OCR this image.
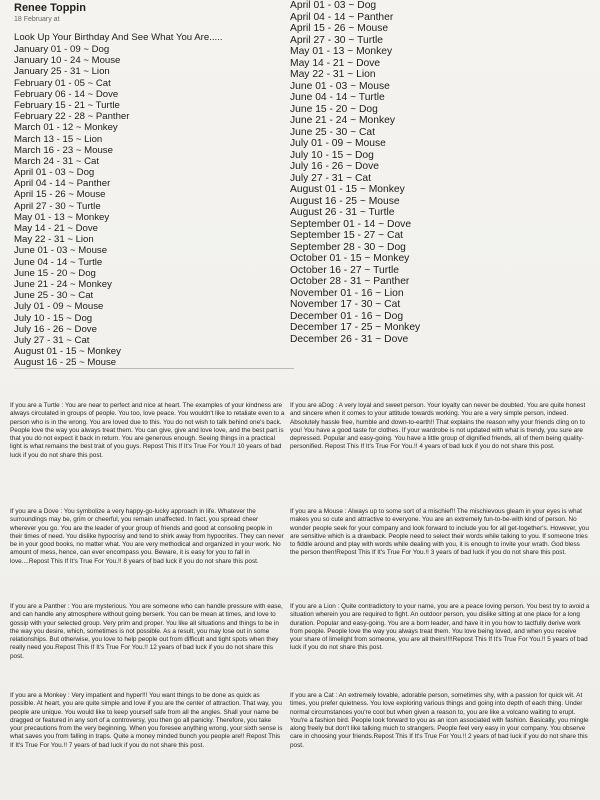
Renee Toppin
18 February at
Look Up Your Birthday And See What You Are.....
January 01 - 09 ~ Dog
January 10 - 24 ~ Mouse
January 25 - 31 ~ Lion
February 01 - 05 ~ Cat
February 06 - 14 ~ Dove
February 15 - 21 ~ Turtle
February 22 - 28 ~ Panther
March 01 - 12 ~ Monkey
March 13 - 15 ~ Lion
March 16 - 23 ~ Mouse
March 24 - 31 ~ Cat
April 01 - 03 ~ Dog
April 04 - 14 ~ Panther
April 15 - 26 ~ Mouse
April 27 - 30 ~ Turtle
May 01 - 13 ~ Monkey
May 14 - 21 ~ Dove
May 22 - 31 ~ Lion
June 01 - 03 ~ Mouse
June 04 - 14 ~ Turtle
June 15 - 20 ~ Dog
June 21 - 24 ~ Monkey
June 25 - 30 ~ Cat
July 01 - 09 ~ Mouse
July 10 - 15 ~ Dog
July 16 - 26 ~ Dove
July 27 - 31 ~ Cat
August 01 - 15 ~ Monkey
August 16 - 25 ~ Mouse
April 01 - 03 ~ Dog
April 04 - 14 ~ Panther
April 15 - 26 ~ Mouse
April 27 - 30 ~ Turtle
May 01 - 13 ~ Monkey
May 14 - 21 ~ Dove
May 22 - 31 ~ Lion
June 01 - 03 ~ Mouse
June 04 - 14 ~ Turtle
June 15 - 20 ~ Dog
June 21 - 24 ~ Monkey
June 25 - 30 ~ Cat
July 01 - 09 ~ Mouse
July 10 - 15 ~ Dog
July 16 - 26 ~ Dove
July 27 - 31 ~ Cat
August 01 - 15 ~ Monkey
August 16 - 25 ~ Mouse
August 26 - 31 ~ Turtle
September 01 - 14 ~ Dove
September 15 - 27 ~ Cat
September 28 - 30 ~ Dog
October 01 - 15 ~ Monkey
October 16 - 27 ~ Turtle
October 28 - 31 ~ Panther
November 01 - 16 ~ Lion
November 17 - 30 ~ Cat
December 01 - 16 ~ Dog
December 17 - 25 ~ Monkey
December 26 - 31 ~ Dove
If you are a Turtle : You are near to perfect and nice at heart. The examples of your kindness are always circulated in groups of people. You too, love peace. You wouldn't like to retaliate even to a person who is in the wrong. You are loved due to this. You do not wish to talk behind one's back. People love the way you always treat them. You can give, give and love love, and the best part is that you do not expect it back in return. You are generous enough. Seeing things in a practical light is what remains the best trait of you guys. Repost This If It's True For You.!! 10 years of bad luck if you do not share this post.
If you are a Dove : You symbolize a very happy-go-lucky approach in life. Whatever the surroundings may be, grim or cheerful, you remain unaffected. In fact, you spread cheer wherever you go. You are the leader of your group of friends and good at consoling people in their times of need. You dislike hypocrisy and tend to shirk away from hypocrites. They can never be in your good books, no matter what. You are very methodical and organized in your work. No amount of mess, hence, can ever encompass you. Beware, it is easy for you to fall in love....Repost This If It's True For You.!! 8 years of bad luck if you do not share this post.
If you are a Panther : You are mysterious. You are someone who can handle pressure with ease, and can handle any atmosphere without going berserk. You can be mean at times, and love to gossip with your selected group. Very prim and proper. You like all situations and things to be in the way you desire, which, sometimes is not possible. As a result, you may lose out in some relationships. But otherwise, you love to help people out from difficult and tight spots when they really need you.Repost This If It's True For You.!! 12 years of bad luck if you do not share this post.
If you are a Monkey : Very impatient and hyper!!! You want things to be done as quick as possible. At heart, you are quite simple and love if you are the center of attraction. That way, you people are unique. You would like to keep yourself safe from all the angles. Shall your name be dragged or featured in any sort of a controversy, you then go all panicky. Therefore, you take your precautions from the very beginning. When you foresee anything wrong, your sixth sense is what saves you from falling in traps. Quite a money minded bunch you people are!! Repost This If It's True For You.!! 7 years of bad luck if you do not share this post.
If you are aDog : A very loyal and sweet person. Your loyalty can never be doubted. You are quite honest and sincere when it comes to your attitude towards working. You are a very simple person, indeed. Absolutely hassle free, humble and down-to-earth!! That explains the reason why your friends cling on to you! You have a good taste for clothes. If your wardrobe is not updated with what is trendy, you sure are depressed. Popular and easy-going. You have a little group of dignified friends, all of them being quality-personified. Repost This If It's True For You.!! 4 years of bad luck if you do not share this post.
If you are a Mouse : Always up to some sort of a mischief!! The mischievous gleam in your eyes is what makes you so cute and attractive to everyone. You are an extremely fun-to-be-with kind of person. No wonder people seek for your company and look forward to include you for all get-together's. However, you are sensitive which is a drawback. People need to select their words while talking to you. If someone tries to fiddle around and play with words while dealing with you, it is enough to invite your wrath. God bless the person then!Repost This If It's True For You.!! 3 years of bad luck if you do not share this post.
If you are a Lion : Quite contradictory to your name, you are a peace loving person. You best try to avoid a situation wherein you are required to fight. An outdoor person, you dislike sitting at one place for a long duration. Popular and easy-going. You are a born leader, and have it in you how to tactfully derive work from people. People love the way you always treat them. You love being loved, and when you receive your share of limelight from someone, you are all theirs!!!!Repost This If It's True For You.!! 5 years of bad luck if you do not share this post.
If you are a Cat : An extremely lovable, adorable person, sometimes shy, with a passion for quick wit. At times, you prefer quietness. You love exploring various things and going into depth of each thing. Under normal circumstances you're cool but when given a reason to, you are like a volcano waiting to erupt. You're a fashion bird. People look forward to you as an icon associated with fashion. Basically, you mingle along freely but don't like talking much to strangers. People feel very easy in your company. You observe care in choosing your friends.Repost This If It's True For You.!! 2 years of bad luck if you do not share this post.
